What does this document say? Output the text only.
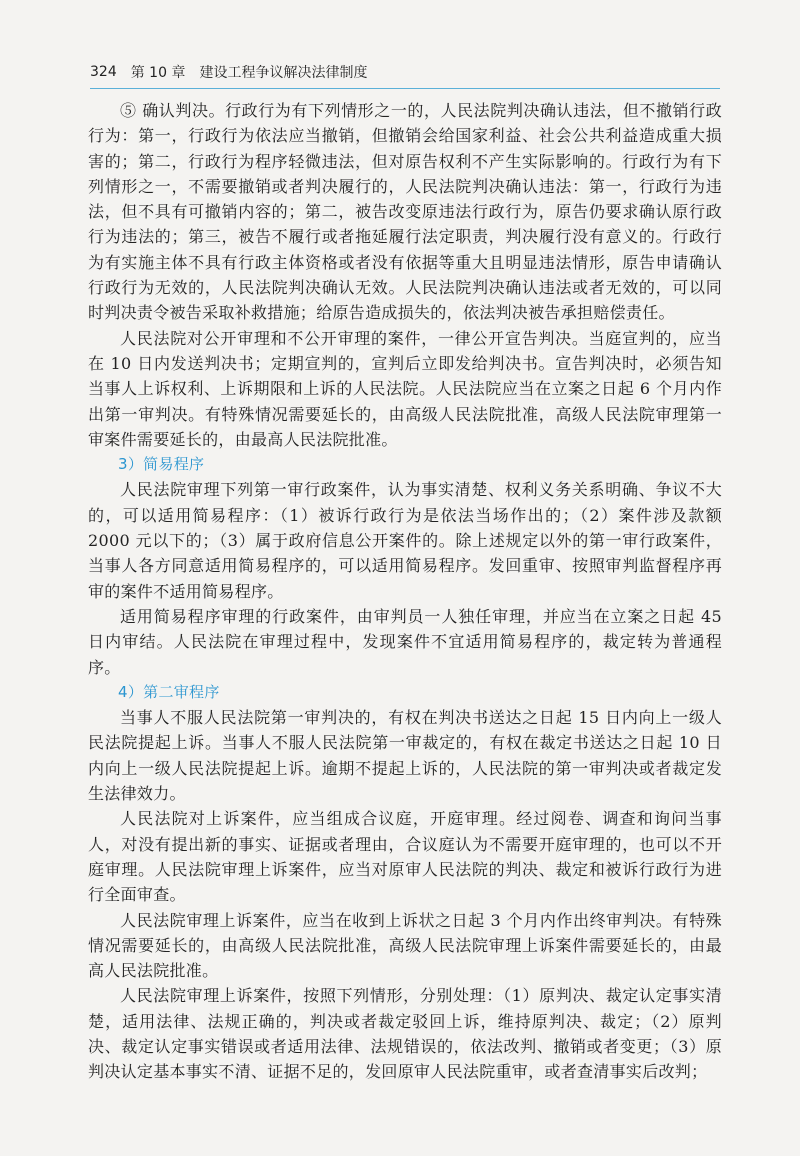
324 第 10 章　建设工程争议解决法律制度

⑤ 确认判决。行政行为有下列情形之一的，人民法院判决确认违法，但不撤销行政行为：第一，行政行为依法应当撤销，但撤销会给国家利益、社会公共利益造成重大损害的；第二，行政行为程序轻微违法，但对原告权利不产生实际影响的。行政行为有下列情形之一，不需要撤销或者判决履行的，人民法院判决确认违法：第一，行政行为违法，但不具有可撤销内容的；第二，被告改变原违法行政行为，原告仍要求确认原行政行为违法的；第三，被告不履行或者拖延履行法定职责，判决履行没有意义的。行政行为有实施主体不具有行政主体资格或者没有依据等重大且明显违法情形，原告申请确认行政行为无效的，人民法院判决确认无效。人民法院判决确认违法或者无效的，可以同时判决责令被告采取补救措施；给原告造成损失的，依法判决被告承担赔偿责任。

人民法院对公开审理和不公开审理的案件，一律公开宣告判决。当庭宣判的，应当在 10 日内发送判决书；定期宣判的，宣判后立即发给判决书。宣告判决时，必须告知当事人上诉权利、上诉期限和上诉的人民法院。人民法院应当在立案之日起 6 个月内作出第一审判决。有特殊情况需要延长的，由高级人民法院批准，高级人民法院审理第一审案件需要延长的，由最高人民法院批准。

3）简易程序

人民法院审理下列第一审行政案件，认为事实清楚、权利义务关系明确、争议不大的，可以适用简易程序：（1）被诉行政行为是依法当场作出的；（2）案件涉及款额 2000 元以下的；（3）属于政府信息公开案件的。除上述规定以外的第一审行政案件，当事人各方同意适用简易程序的，可以适用简易程序。发回重审、按照审判监督程序再审的案件不适用简易程序。

适用简易程序审理的行政案件，由审判员一人独任审理，并应当在立案之日起 45 日内审结。人民法院在审理过程中，发现案件不宜适用简易程序的，裁定转为普通程序。

4）第二审程序

当事人不服人民法院第一审判决的，有权在判决书送达之日起 15 日内向上一级人民法院提起上诉。当事人不服人民法院第一审裁定的，有权在裁定书送达之日起 10 日内向上一级人民法院提起上诉。逾期不提起上诉的，人民法院的第一审判决或者裁定发生法律效力。

人民法院对上诉案件，应当组成合议庭，开庭审理。经过阅卷、调查和询问当事人，对没有提出新的事实、证据或者理由，合议庭认为不需要开庭审理的，也可以不开庭审理。人民法院审理上诉案件，应当对原审人民法院的判决、裁定和被诉行政行为进行全面审查。

人民法院审理上诉案件，应当在收到上诉状之日起 3 个月内作出终审判决。有特殊情况需要延长的，由高级人民法院批准，高级人民法院审理上诉案件需要延长的，由最高人民法院批准。

人民法院审理上诉案件，按照下列情形，分别处理：（1）原判决、裁定认定事实清楚，适用法律、法规正确的，判决或者裁定驳回上诉，维持原判决、裁定；（2）原判决、裁定认定事实错误或者适用法律、法规错误的，依法改判、撤销或者变更；（3）原判决认定基本事实不清、证据不足的，发回原审人民法院重审，或者查清事实后改判；
